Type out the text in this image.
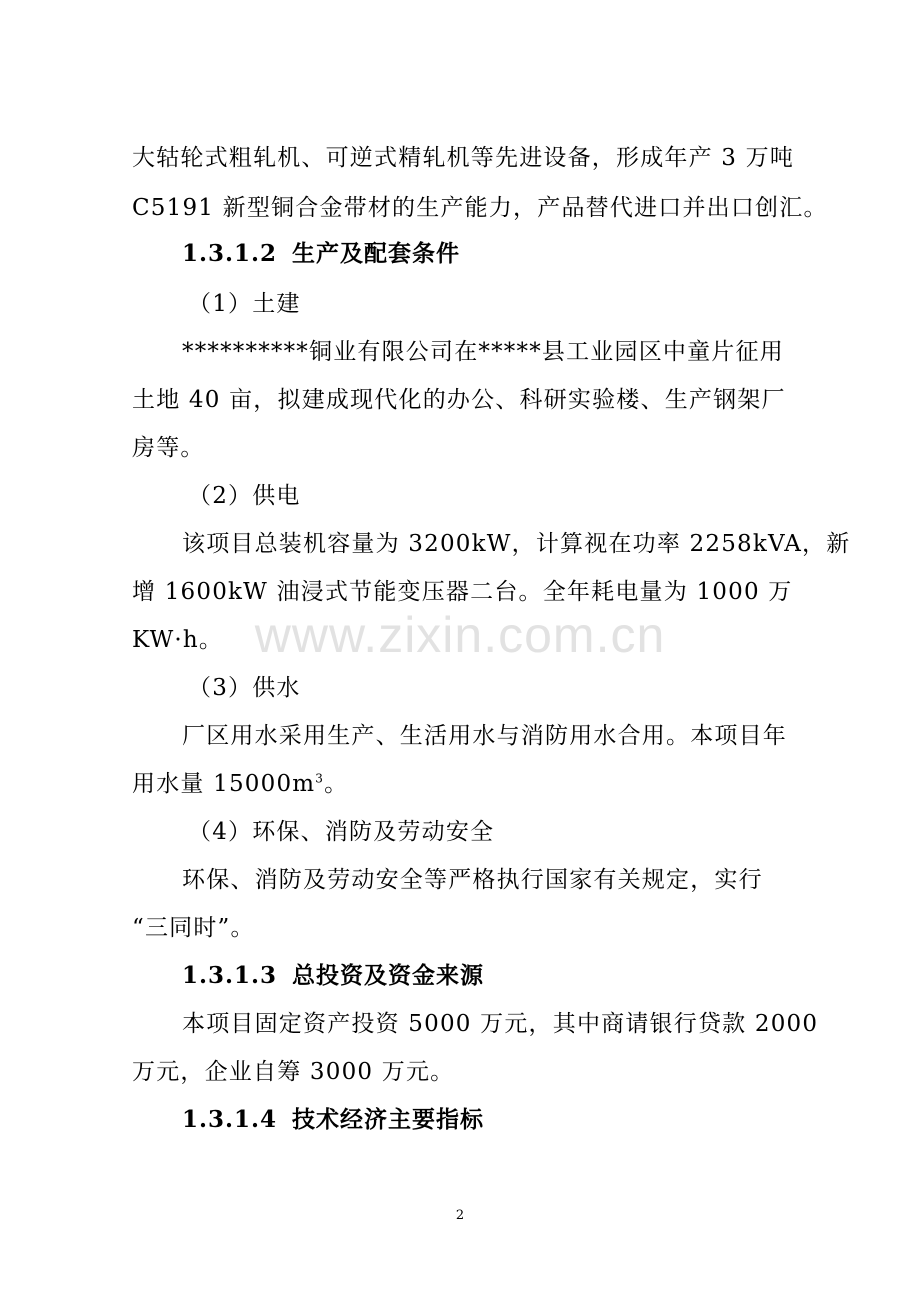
大轱轮式粗轧机、可逆式精轧机等先进设备，形成年产 3 万吨
C5191 新型铜合金带材的生产能力，产品替代进口并出口创汇。
1.3.1.2 生产及配套条件
（1）土建
**********铜业有限公司在*****县工业园区中童片征用
土地 40 亩，拟建成现代化的办公、科研实验楼、生产钢架厂
房等。
（2）供电
该项目总装机容量为 3200kW，计算视在功率 2258kVA，新
增 1600kW 油浸式节能变压器二台。全年耗电量为 1000 万
KW·h。 www.zixin.com.cn
（3）供水
厂区用水采用生产、生活用水与消防用水合用。本项目年
用水量 $15000m^3$。
（4）环保、消防及劳动安全
环保、消防及劳动安全等严格执行国家有关规定，实行
“三同时”。
1.3.1.3 总投资及资金来源
本项目固定资产投资 5000 万元，其中商请银行贷款 2000
万元，企业自筹 3000 万元。
1.3.1.4 技术经济主要指标
2
